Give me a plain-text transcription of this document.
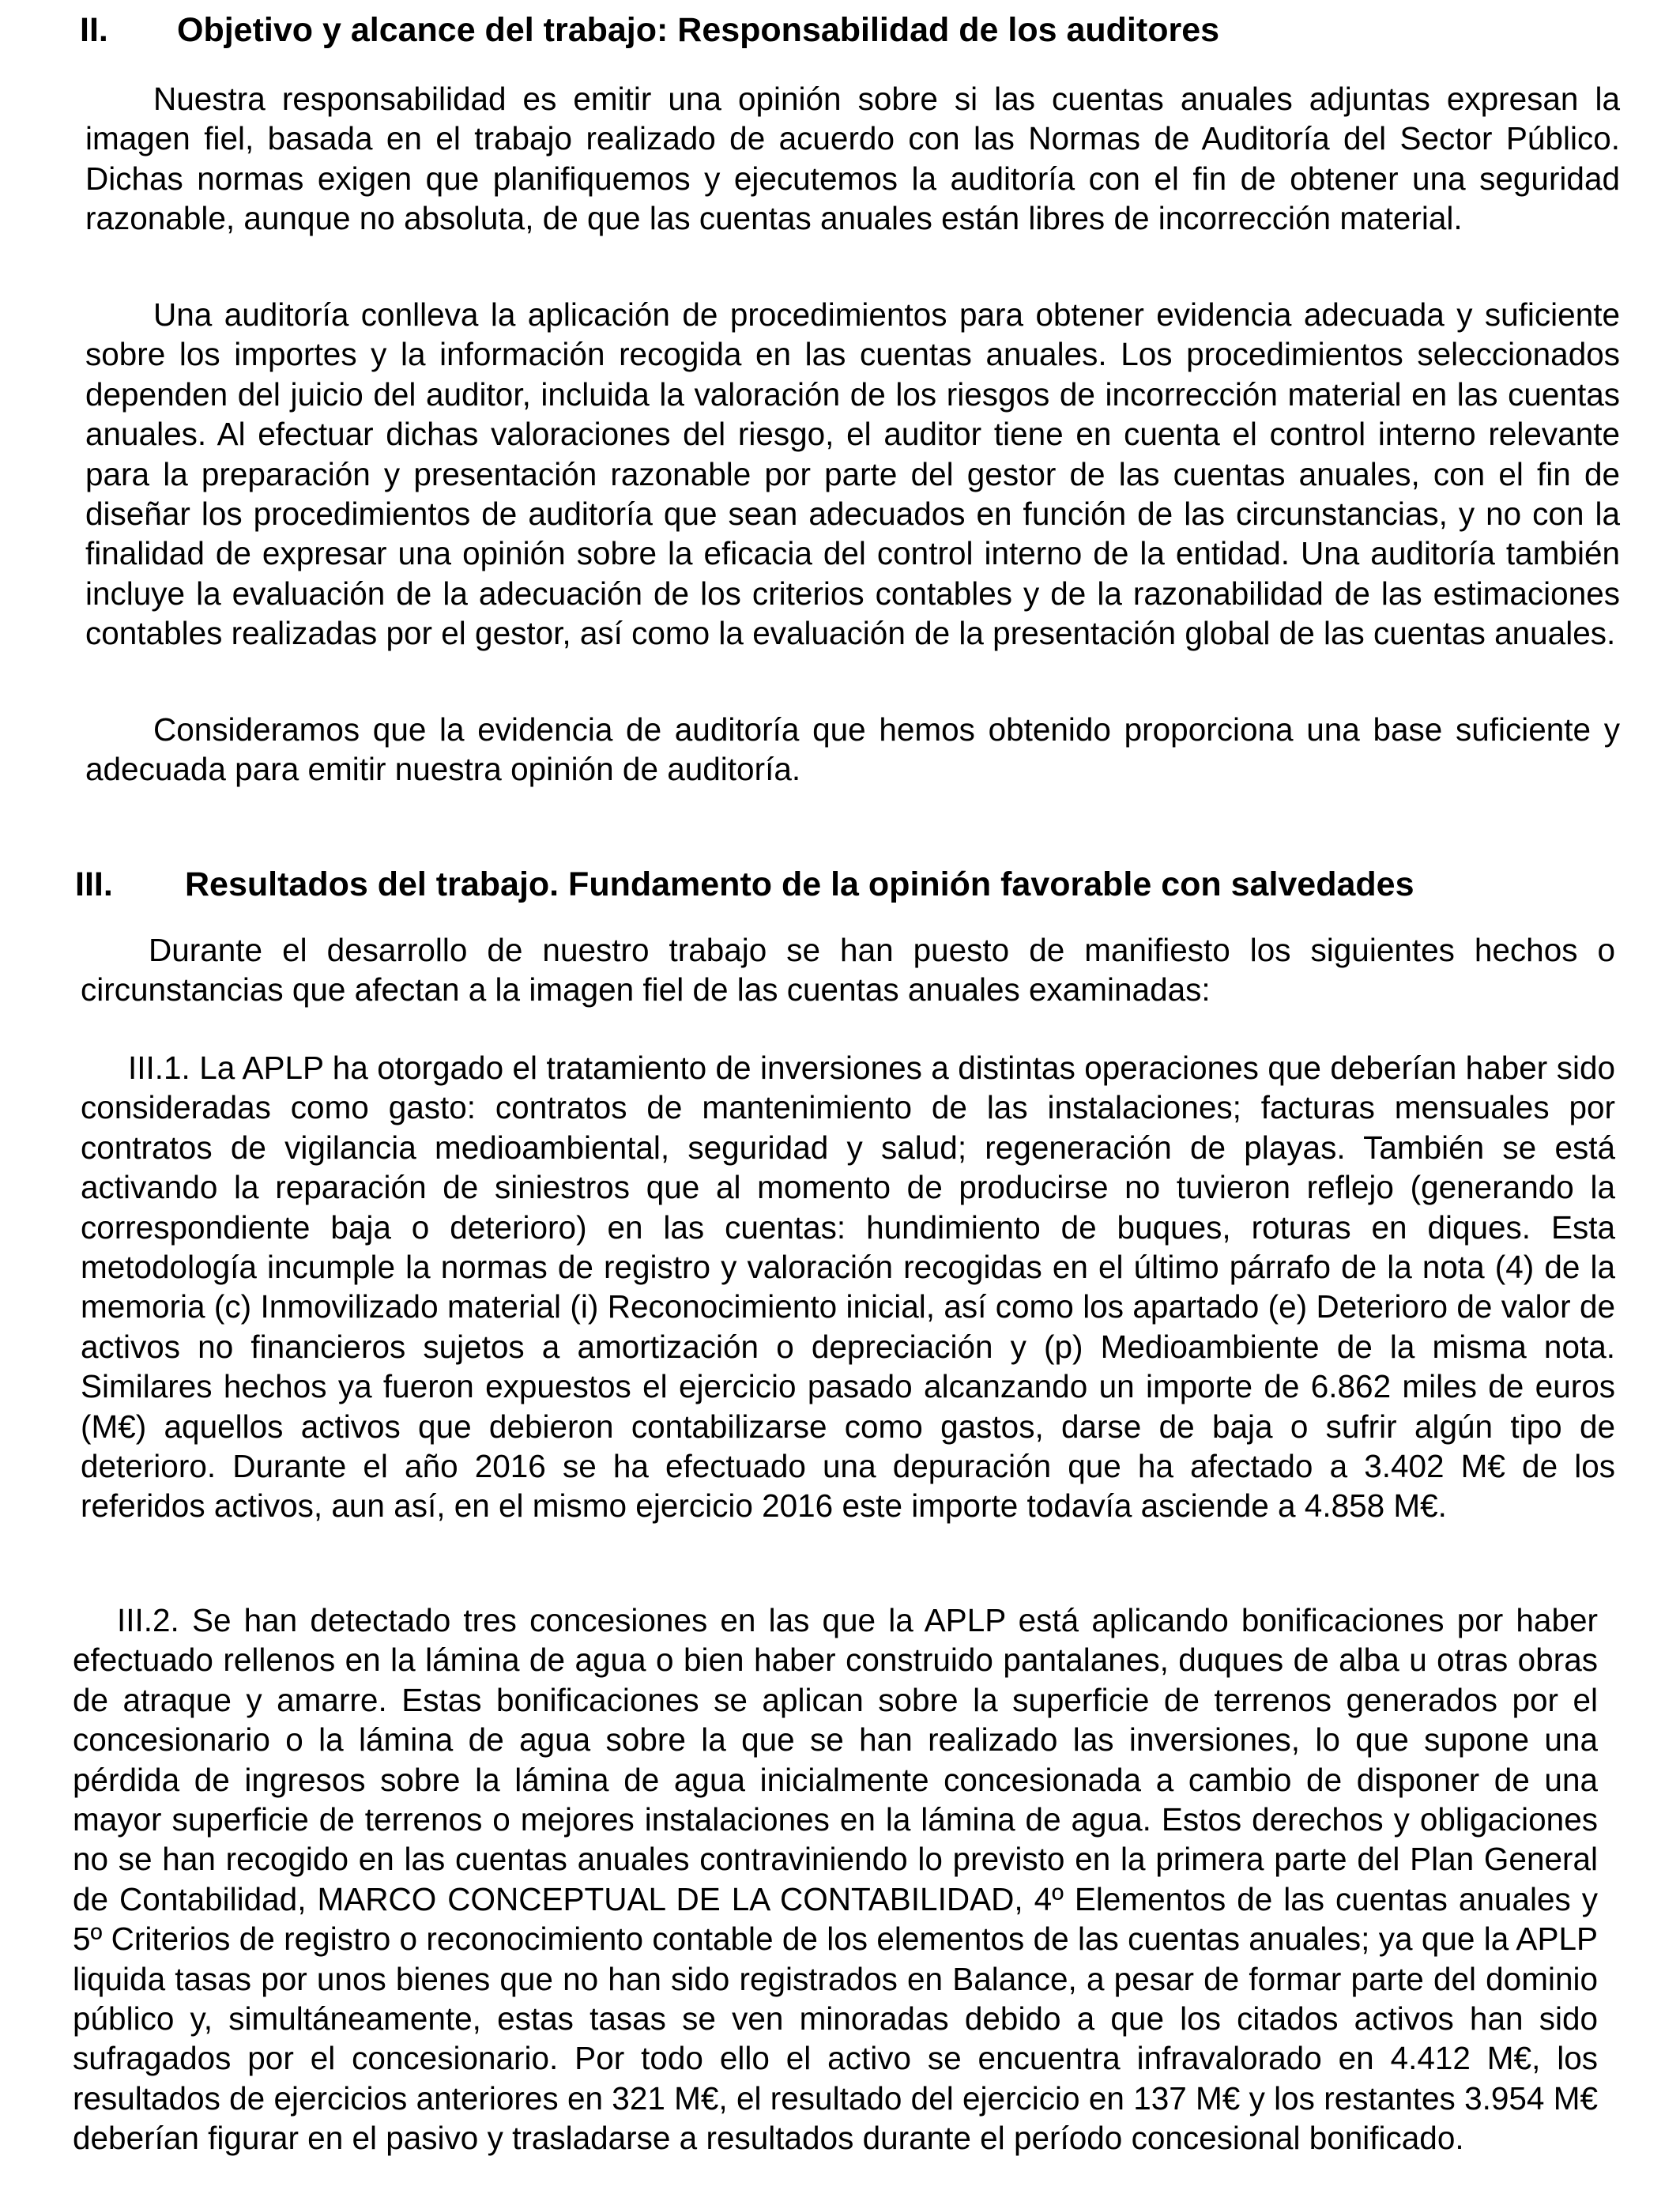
II. Objetivo y alcance del trabajo: Responsabilidad de los auditores

Nuestra responsabilidad es emitir una opinión sobre si las cuentas anuales adjuntas expresan la imagen fiel, basada en el trabajo realizado de acuerdo con las Normas de Auditoría del Sector Público. Dichas normas exigen que planifiquemos y ejecutemos la auditoría con el fin de obtener una seguridad razonable, aunque no absoluta, de que las cuentas anuales están libres de incorrección material.

Una auditoría conlleva la aplicación de procedimientos para obtener evidencia adecuada y suficiente sobre los importes y la información recogida en las cuentas anuales. Los procedimientos seleccionados dependen del juicio del auditor, incluida la valoración de los riesgos de incorrección material en las cuentas anuales. Al efectuar dichas valoraciones del riesgo, el auditor tiene en cuenta el control interno relevante para la preparación y presentación razonable por parte del gestor de las cuentas anuales, con el fin de diseñar los procedimientos de auditoría que sean adecuados en función de las circunstancias, y no con la finalidad de expresar una opinión sobre la eficacia del control interno de la entidad. Una auditoría también incluye la evaluación de la adecuación de los criterios contables y de la razonabilidad de las estimaciones contables realizadas por el gestor, así como la evaluación de la presentación global de las cuentas anuales.

Consideramos que la evidencia de auditoría que hemos obtenido proporciona una base suficiente y adecuada para emitir nuestra opinión de auditoría.

III. Resultados del trabajo. Fundamento de la opinión favorable con salvedades

Durante el desarrollo de nuestro trabajo se han puesto de manifiesto los siguientes hechos o circunstancias que afectan a la imagen fiel de las cuentas anuales examinadas:

III.1. La APLP ha otorgado el tratamiento de inversiones a distintas operaciones que deberían haber sido consideradas como gasto: contratos de mantenimiento de las instalaciones; facturas mensuales por contratos de vigilancia medioambiental, seguridad y salud; regeneración de playas. También se está activando la reparación de siniestros que al momento de producirse no tuvieron reflejo (generando la correspondiente baja o deterioro) en las cuentas: hundimiento de buques, roturas en diques. Esta metodología incumple la normas de registro y valoración recogidas en el último párrafo de la nota (4) de la memoria (c) Inmovilizado material (i) Reconocimiento inicial, así como los apartado (e) Deterioro de valor de activos no financieros sujetos a amortización o depreciación y (p) Medioambiente de la misma nota. Similares hechos ya fueron expuestos el ejercicio pasado alcanzando un importe de 6.862 miles de euros (M€) aquellos activos que debieron contabilizarse como gastos, darse de baja o sufrir algún tipo de deterioro. Durante el año 2016 se ha efectuado una depuración que ha afectado a 3.402 M€ de los referidos activos, aun así, en el mismo ejercicio 2016 este importe todavía asciende a 4.858 M€.

III.2. Se han detectado tres concesiones en las que la APLP está aplicando bonificaciones por haber efectuado rellenos en la lámina de agua o bien haber construido pantalanes, duques de alba u otras obras de atraque y amarre. Estas bonificaciones se aplican sobre la superficie de terrenos generados por el concesionario o la lámina de agua sobre la que se han realizado las inversiones, lo que supone una pérdida de ingresos sobre la lámina de agua inicialmente concesionada a cambio de disponer de una mayor superficie de terrenos o mejores instalaciones en la lámina de agua. Estos derechos y obligaciones no se han recogido en las cuentas anuales contraviniendo lo previsto en la primera parte del Plan General de Contabilidad, MARCO CONCEPTUAL DE LA CONTABILIDAD, 4º Elementos de las cuentas anuales y 5º Criterios de registro o reconocimiento contable de los elementos de las cuentas anuales; ya que la APLP liquida tasas por unos bienes que no han sido registrados en Balance, a pesar de formar parte del dominio público y, simultáneamente, estas tasas se ven minoradas debido a que los citados activos han sido sufragados por el concesionario. Por todo ello el activo se encuentra infravalorado en 4.412 M€, los resultados de ejercicios anteriores en 321 M€, el resultado del ejercicio en 137 M€ y los restantes 3.954 M€ deberían figurar en el pasivo y trasladarse a resultados durante el período concesional bonificado.
